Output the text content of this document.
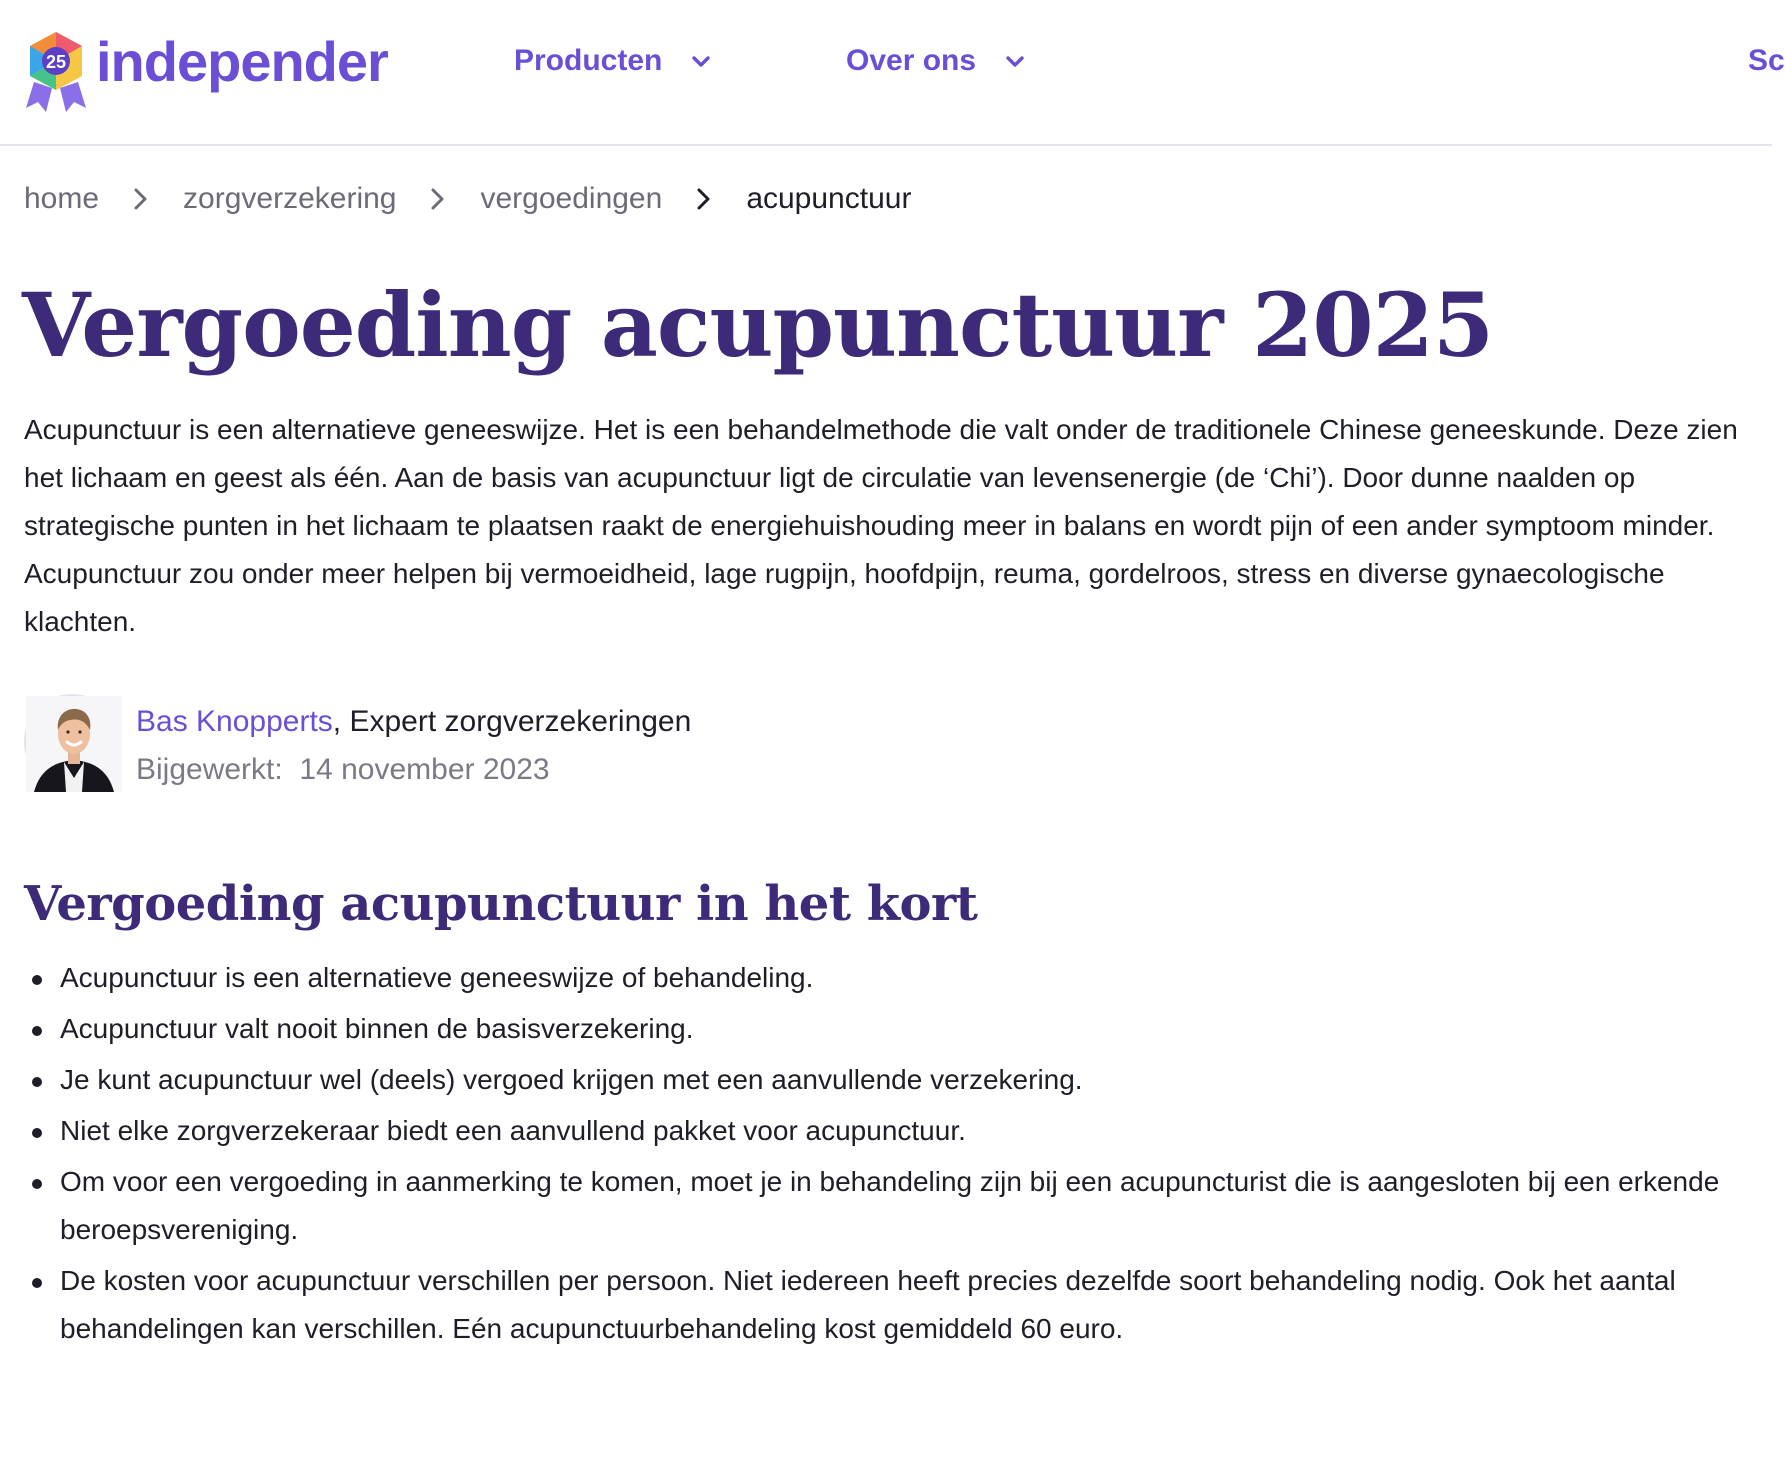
25 independer	Producten	Over ons	Sc
home	zorgverzekering	vergoedingen	acupunctuur
Vergoeding acupunctuur 2025

Acupunctuur is een alternatieve geneeswijze. Het is een behandelmethode die valt onder de traditionele Chinese geneeskunde. Deze zien het lichaam en geest als één. Aan de basis van acupunctuur ligt de circulatie van levensenergie (de ‘Chi’). Door dunne naalden op strategische punten in het lichaam te plaatsen raakt de energiehuishouding meer in balans en wordt pijn of een ander symptoom minder. Acupunctuur zou onder meer helpen bij vermoeidheid, lage rugpijn, hoofdpijn, reuma, gordelroos, stress en diverse gynaecologische klachten.

Bas Knopperts, Expert zorgverzekeringen
Bijgewerkt: 14 november 2023
Vergoeding acupunctuur in het kort
Acupunctuur is een alternatieve geneeswijze of behandeling.
Acupunctuur valt nooit binnen de basisverzekering.
Je kunt acupunctuur wel (deels) vergoed krijgen met een aanvullende verzekering.
Niet elke zorgverzekeraar biedt een aanvullend pakket voor acupunctuur.
Om voor een vergoeding in aanmerking te komen, moet je in behandeling zijn bij een acupuncturist die is aangesloten bij een erkende beroepsvereniging.
De kosten voor acupunctuur verschillen per persoon. Niet iedereen heeft precies dezelfde soort behandeling nodig. Ook het aantal behandelingen kan verschillen. Eén acupunctuurbehandeling kost gemiddeld 60 euro.
